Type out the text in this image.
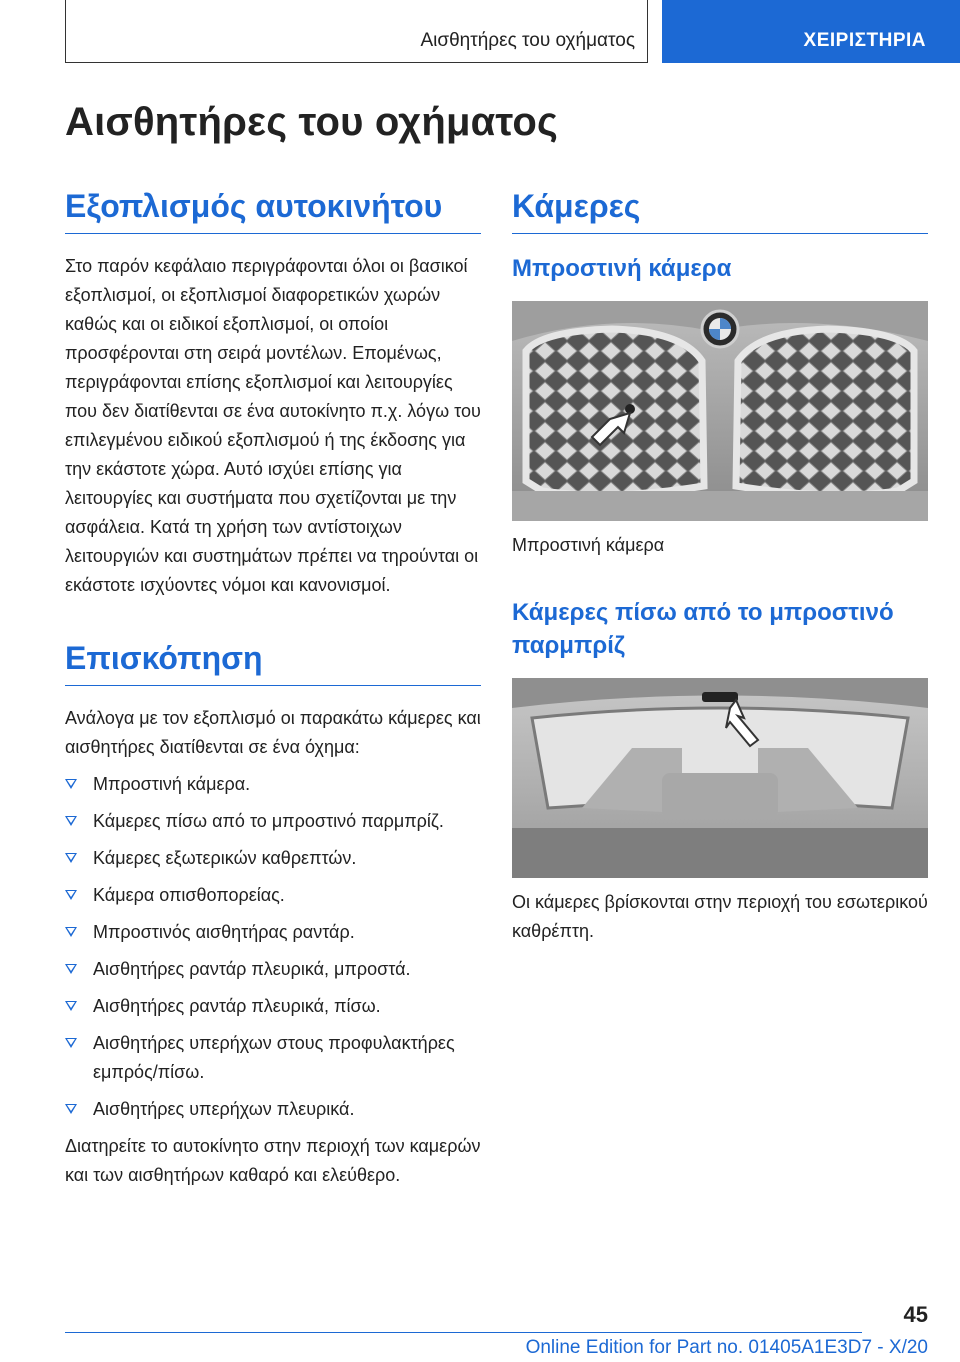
Αισθητήρες του οχήματος	ΧΕΙΡΙΣΤΗΡΙΑ
Αισθητήρες του οχήματος
Εξοπλισμός αυτοκινήτου

Στο παρόν κεφάλαιο περιγράφονται όλοι οι βασικοί εξοπλισμοί, οι εξοπλισμοί διαφορετικών χωρών καθώς και οι ειδικοί εξοπλισμοί, οι οποίοι προσφέρονται στη σειρά μοντέλων. Επομένως, περιγράφονται επίσης εξοπλισμοί και λειτουργίες που δεν διατίθενται σε ένα αυτοκίνητο π.χ. λόγω του επιλεγμένου ειδικού εξοπλισμού ή της έκδοσης για την εκάστοτε χώρα. Αυτό ισχύει επίσης για λειτουργίες και συστήματα που σχετίζονται με την ασφάλεια. Κατά τη χρήση των αντίστοιχων λειτουργιών και συστημάτων πρέπει να τηρούνται οι εκάστοτε ισχύοντες νόμοι και κανονισμοί.

Επισκόπηση

Ανάλογα με τον εξοπλισμό οι παρακάτω κάμερες και αισθητήρες διατίθενται σε ένα όχημα:

Μπροστινή κάμερα.
Κάμερες πίσω από το μπροστινό παρμπρίζ.
Κάμερες εξωτερικών καθρεπτών.
Κάμερα οπισθοπορείας.
Μπροστινός αισθητήρας ραντάρ.
Αισθητήρες ραντάρ πλευρικά, μπροστά.
Αισθητήρες ραντάρ πλευρικά, πίσω.
Αισθητήρες υπερήχων στους προφυλακτήρες εμπρός/πίσω.
Αισθητήρες υπερήχων πλευρικά.

Διατηρείτε το αυτοκίνητο στην περιοχή των καμερών και των αισθητήρων καθαρό και ελεύθερο.

Κάμερες
Μπροστινή κάμερα

Μπροστινή κάμερα

Κάμερες πίσω από το μπροστινό παρμπρίζ

Οι κάμερες βρίσκονται στην περιοχή του εσωτερικού καθρέπτη.

45
Online Edition for Part no. 01405A1E3D7 - X/20
